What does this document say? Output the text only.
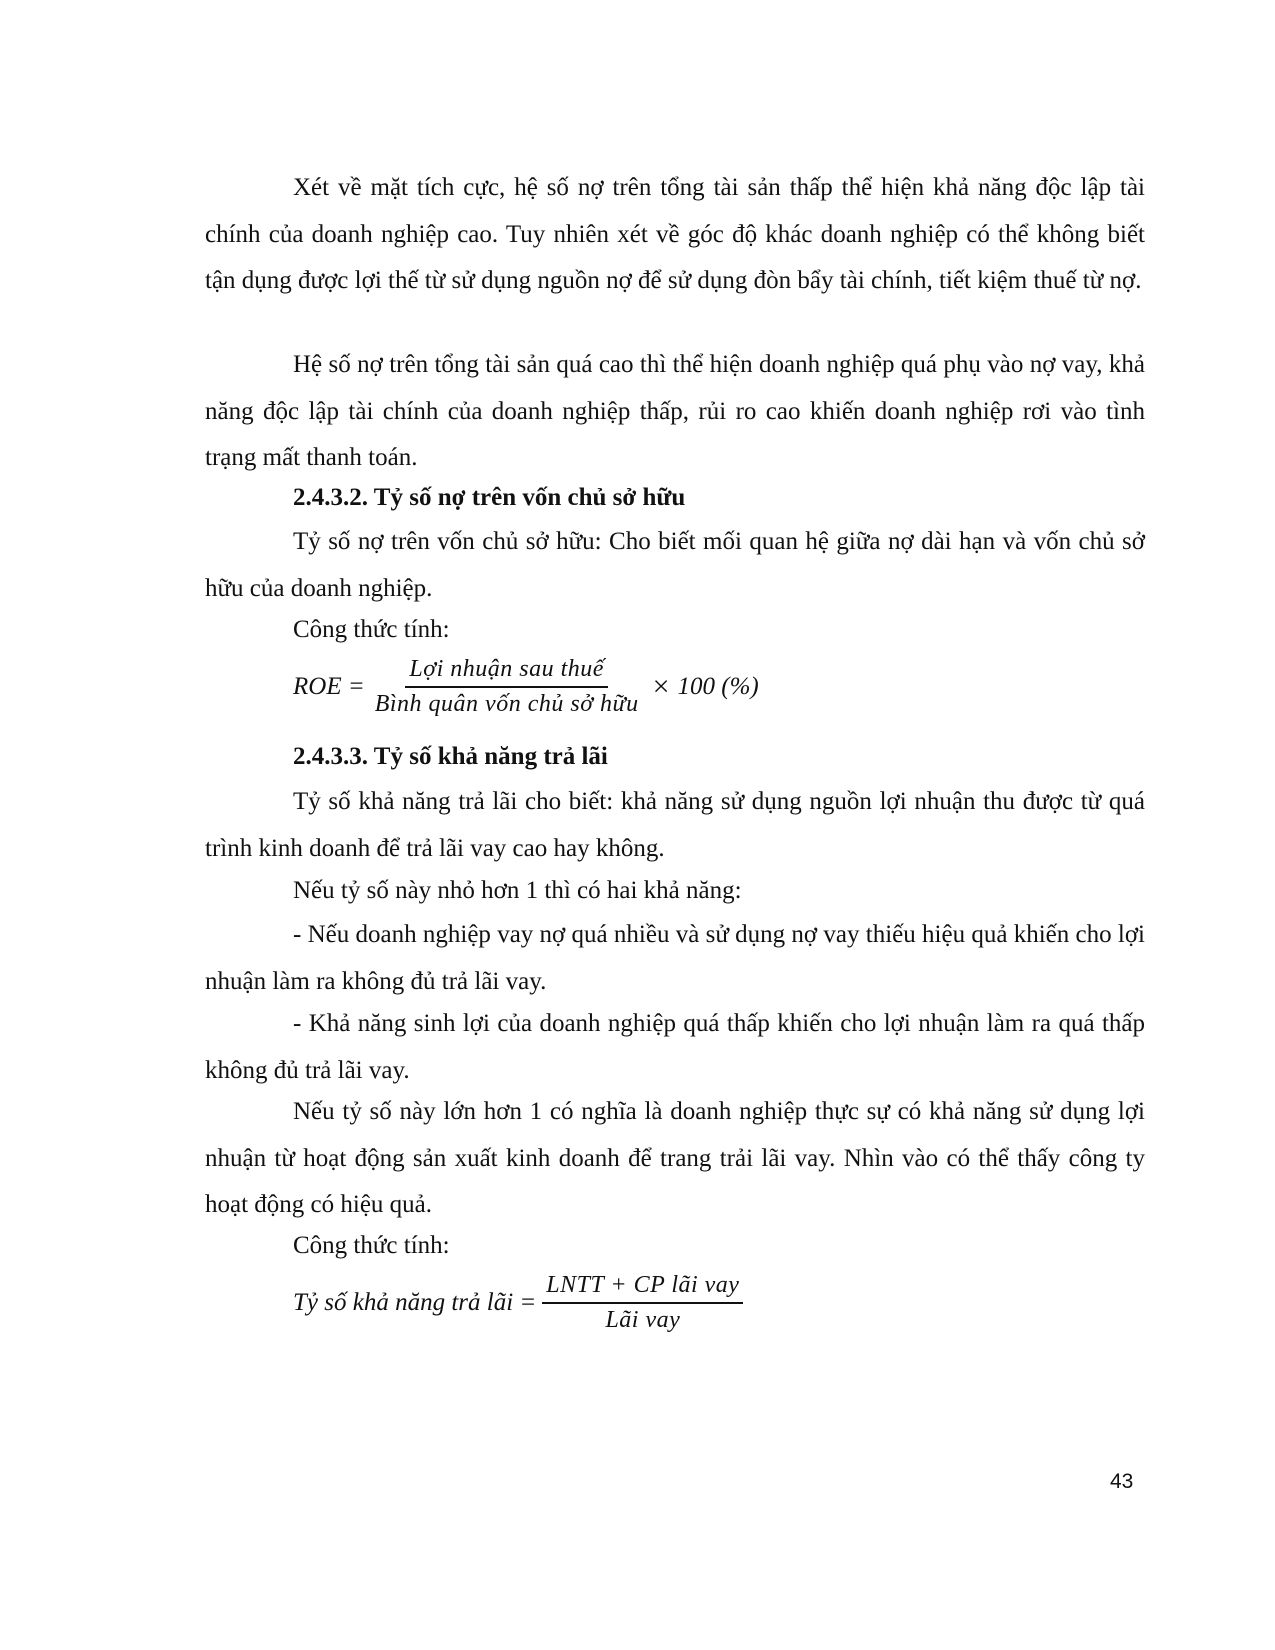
Xét về mặt tích cực, hệ số nợ trên tổng tài sản thấp thể hiện khả năng độc lập tài chính của doanh nghiệp cao. Tuy nhiên xét về góc độ khác doanh nghiệp có thể không biết tận dụng được lợi thế từ sử dụng nguồn nợ để sử dụng đòn bẩy tài chính, tiết kiệm thuế từ nợ.
Hệ số nợ trên tổng tài sản quá cao thì thể hiện doanh nghiệp quá phụ vào nợ vay, khả năng độc lập tài chính của doanh nghiệp thấp, rủi ro cao khiến doanh nghiệp rơi vào tình trạng mất thanh toán.
2.4.3.2. Tỷ số nợ trên vốn chủ sở hữu
Tỷ số nợ trên vốn chủ sở hữu: Cho biết mối quan hệ giữa nợ dài hạn và vốn chủ sở hữu của doanh nghiệp.
Công thức tính:
ROE = $\frac{\text{Lợi nhuận sau thuế}}{\text{Bình quân vốn chủ sở hữu}} \times 100$ (%)
2.4.3.3. Tỷ số khả năng trả lãi
Tỷ số khả năng trả lãi cho biết: khả năng sử dụng nguồn lợi nhuận thu được từ quá trình kinh doanh để trả lãi vay cao hay không.
Nếu tỷ số này nhỏ hơn 1 thì có hai khả năng:
- Nếu doanh nghiệp vay nợ quá nhiều và sử dụng nợ vay thiếu hiệu quả khiến cho lợi nhuận làm ra không đủ trả lãi vay.
- Khả năng sinh lợi của doanh nghiệp quá thấp khiến cho lợi nhuận làm ra quá thấp không đủ trả lãi vay.
Nếu tỷ số này lớn hơn 1 có nghĩa là doanh nghiệp thực sự có khả năng sử dụng lợi nhuận từ hoạt động sản xuất kinh doanh để trang trải lãi vay. Nhìn vào có thể thấy công ty hoạt động có hiệu quả.
Công thức tính:
Tỷ số khả năng trả lãi = $\frac{\text{LNTT + CP lãi vay}}{\text{Lãi vay}}$
43
